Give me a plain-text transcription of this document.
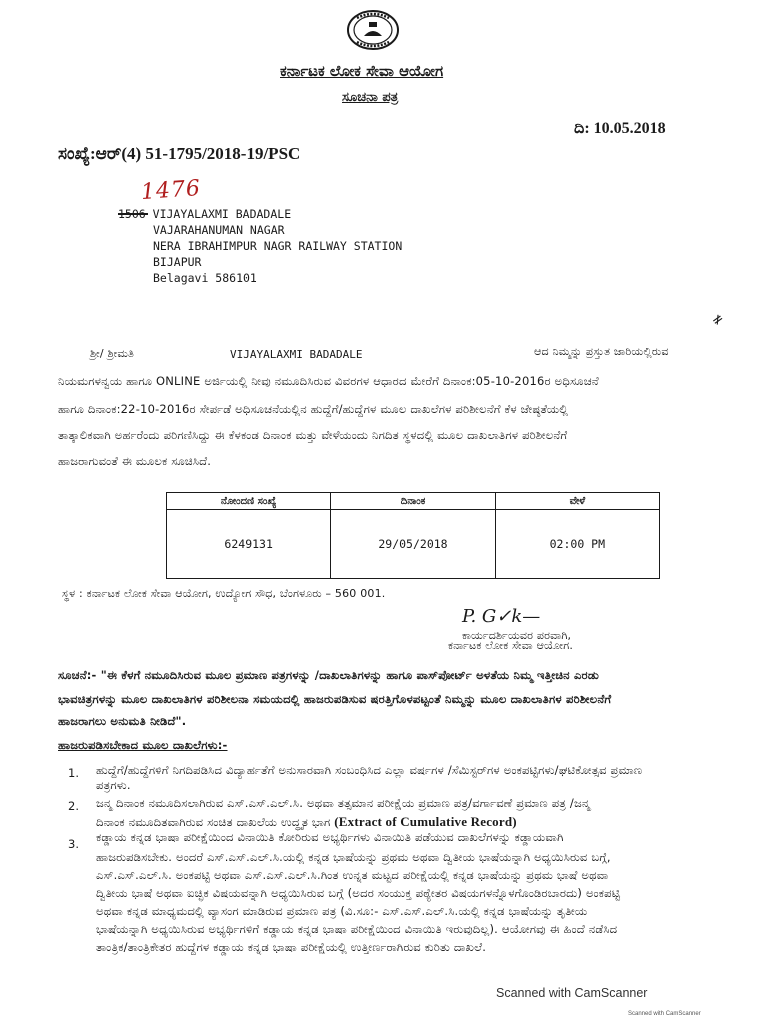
ಕರ್ನಾಟಕ ಲೋಕ ಸೇವಾ ಆಯೋಗ
ಸೂಚನಾ ಪತ್ರ
ಸಂಖ್ಯೆ:ಆರ್(4) 51-1795/2018-19/PSC
ದಿ: 10.05.2018
1476
VIJAYALAXMI BADADALE
VAJARAHANUMAN NAGAR
NERA IBRAHIMPUR NAGR RAILWAY STATION
BIJAPUR
Belagavi 586101
≠
ಶ್ರೀ/ ಶ್ರೀಮತಿ	VIJAYALAXMI BADADALE	ಆದ ನಿಮ್ಮನ್ನು ಪ್ರಸ್ತುತ ಜಾರಿಯಲ್ಲಿರುವ
ನಿಯಮಗಳನ್ವಯ ಹಾಗೂ ONLINE ಅರ್ಜಿಯಲ್ಲಿ ನೀವು ನಮೂದಿಸಿರುವ ವಿವರಗಳ ಆಧಾರದ ಮೇರೆಗೆ ದಿನಾಂಕ:05-10-2016ರ ಅಧಿಸೂಚನೆ
ಹಾಗೂ ದಿನಾಂಕ:22-10-2016ರ ಸೇರ್ಪಡೆ ಅಧಿಸೂಚನೆಯಲ್ಲಿನ ಹುದ್ದೆಗೆ/ಹುದ್ದೆಗಳ ಮೂಲ ದಾಖಲೆಗಳ ಪರಿಶೀಲನೆಗೆ ಕೆಳ ಜೇಷ್ಠತೆಯಲ್ಲಿ
ತಾತ್ಕಾಲಿಕವಾಗಿ ಅರ್ಹರೆಂದು ಪರಿಗಣಿಸಿದ್ದು ಈ ಕೆಳಕಂಡ ದಿನಾಂಕ ಮತ್ತು ವೇಳೆಯಂದು ನಿಗದಿತ ಸ್ಥಳದಲ್ಲಿ ಮೂಲ ದಾಖಲಾತಿಗಳ ಪರಿಶೀಲನೆಗೆ
ಹಾಜರಾಗುವಂತೆ ಈ ಮೂಲಕ ಸೂಚಿಸಿದೆ.
ನೋಂದಣಿ ಸಂಖ್ಯೆ	ದಿನಾಂಕ	ವೇಳೆ
6249131	29/05/2018	02:00 PM
ಸ್ಥಳ : ಕರ್ನಾಟಕ ಲೋಕ ಸೇವಾ ಆಯೋಗ, ಉದ್ಯೋಗ ಸೌಧ, ಬೆಂಗಳೂರು – 560 001.
P. G✓k—
ಕಾರ್ಯದರ್ಶಿಯವರ ಪರವಾಗಿ,
ಕರ್ನಾಟಕ ಲೋಕ ಸೇವಾ ಆಯೋಗ.
ಸೂಚನೆ:- "ಈ ಕೆಳಗೆ ನಮೂದಿಸಿರುವ ಮೂಲ ಪ್ರಮಾಣ ಪತ್ರಗಳನ್ನು /ದಾಖಲಾತಿಗಳನ್ನು ಹಾಗೂ ಪಾಸ್‌ಪೋರ್ಟ್ ಅಳತೆಯ ನಿಮ್ಮ ಇತ್ತೀಚಿನ ಎರಡು
ಭಾವಚಿತ್ರಗಳನ್ನು ಮೂಲ ದಾಖಲಾತಿಗಳ ಪರಿಶೀಲನಾ ಸಮಯದಲ್ಲಿ ಹಾಜರುಪಡಿಸುವ ಷರತ್ತಿಗೊಳಪಟ್ಟಂತೆ ನಿಮ್ಮನ್ನು ಮೂಲ ದಾಖಲಾತಿಗಳ ಪರಿಶೀಲನೆಗೆ
ಹಾಜರಾಗಲು ಅನುಮತಿ ನೀಡಿದೆ".
ಹಾಜರುಪಡಿಸಬೇಕಾದ ಮೂಲ ದಾಖಲೆಗಳು:-
1. ಹುದ್ದೆಗೆ/ಹುದ್ದೆಗಳಿಗೆ ನಿಗದಿಪಡಿಸಿದ ವಿದ್ಯಾರ್ಹತೆಗೆ ಅನುಸಾರವಾಗಿ ಸಂಬಂಧಿಸಿದ ಎಲ್ಲಾ ವರ್ಷಗಳ /ಸೆಮಿಸ್ಟರ್‌ಗಳ ಅಂಕಪಟ್ಟಿಗಳು/ಘಟಿಕೋತ್ಸವ ಪ್ರಮಾಣ
ಪತ್ರಗಳು.
2. ಜನ್ಮ ದಿನಾಂಕ ನಮೂದಿಸಲಾಗಿರುವ ಎಸ್.ಎಸ್.ಎಲ್.ಸಿ. ಅಥವಾ ತತ್ಸಮಾನ ಪರೀಕ್ಷೆಯ ಪ್ರಮಾಣ ಪತ್ರ/ವರ್ಗಾವಣೆ ಪ್ರಮಾಣ ಪತ್ರ /ಜನ್ಮ
ದಿನಾಂಕ ನಮೂದಿತವಾಗಿರುವ ಸಂಚಿತ ದಾಖಲೆಯ ಉದ್ಧೃತ ಭಾಗ (Extract of Cumulative Record)
3. ಕಡ್ಡಾಯ ಕನ್ನಡ ಭಾಷಾ ಪರೀಕ್ಷೆಯಿಂದ ವಿನಾಯಿತಿ ಕೋರಿರುವ ಅಭ್ಯರ್ಥಿಗಳು ವಿನಾಯಿತಿ ಪಡೆಯುವ ದಾಖಲೆಗಳನ್ನು ಕಡ್ಡಾಯವಾಗಿ
ಹಾಜರುಪಡಿಸಬೇಕು. ಅಂದರೆ ಎಸ್.ಎಸ್.ಎಲ್.ಸಿ.ಯಲ್ಲಿ ಕನ್ನಡ ಭಾಷೆಯನ್ನು ಪ್ರಥಮ ಅಥವಾ ದ್ವಿತೀಯ ಭಾಷೆಯನ್ನಾಗಿ ಅಧ್ಯಯಿಸಿರುವ ಬಗ್ಗೆ,
ಎಸ್.ಎಸ್.ಎಲ್.ಸಿ. ಅಂಕಪಟ್ಟಿ ಅಥವಾ ಎಸ್.ಎಸ್.ಎಲ್.ಸಿ.ಗಿಂತ ಉನ್ನತ ಮಟ್ಟದ ಪರೀಕ್ಷೆಯಲ್ಲಿ ಕನ್ನಡ ಭಾಷೆಯನ್ನು ಪ್ರಥಮ ಭಾಷೆ ಅಥವಾ
ದ್ವಿತೀಯ ಭಾಷೆ ಅಥವಾ ಐಚ್ಛಿಕ ವಿಷಯವನ್ನಾಗಿ ಅಧ್ಯಯಿಸಿರುವ ಬಗ್ಗೆ (ಅದರ ಸಂಯುಕ್ತ ಪಠ್ಯೇತರ ವಿಷಯಗಳನ್ನೊಳಗೊಂಡಿರಬಾರದು) ಅಂಕಪಟ್ಟಿ
ಅಥವಾ ಕನ್ನಡ ಮಾಧ್ಯಮದಲ್ಲಿ ವ್ಯಾಸಂಗ ಮಾಡಿರುವ ಪ್ರಮಾಣ ಪತ್ರ (ವಿ.ಸೂ:- ಎಸ್.ಎಸ್.ಎಲ್.ಸಿ.ಯಲ್ಲಿ ಕನ್ನಡ ಭಾಷೆಯನ್ನು ತೃತೀಯ
ಭಾಷೆಯನ್ನಾಗಿ ಅಧ್ಯಯಿಸಿರುವ ಅಭ್ಯರ್ಥಿಗಳಿಗೆ ಕಡ್ಡಾಯ ಕನ್ನಡ ಭಾಷಾ ಪರೀಕ್ಷೆಯಿಂದ ವಿನಾಯಿತಿ ಇರುವುದಿಲ್ಲ). ಆಯೋಗವು ಈ ಹಿಂದೆ ನಡೆಸಿದ
ತಾಂತ್ರಿಕ/ತಾಂತ್ರಿಕೇತರ ಹುದ್ದೆಗಳ ಕಡ್ಡಾಯ ಕನ್ನಡ ಭಾಷಾ ಪರೀಕ್ಷೆಯಲ್ಲಿ ಉತ್ತೀರ್ಣರಾಗಿರುವ ಕುರಿತು ದಾಖಲೆ.
Scanned with CamScanner
Scanned with CamScanner
